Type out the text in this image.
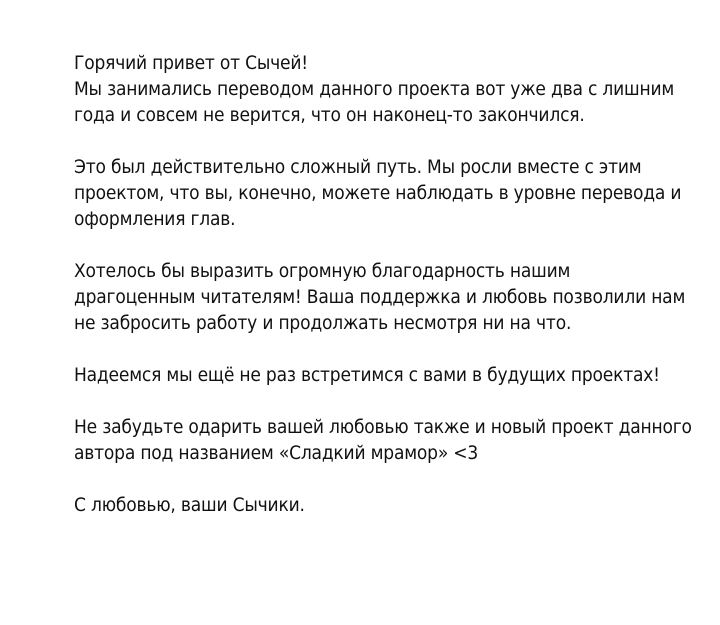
Горячий привет от Сычей!
Мы занимались переводом данного проекта вот уже два с лишним
года и совсем не верится, что он наконец-то закончился.

Это был действительно сложный путь. Мы росли вместе с этим
проектом, что вы, конечно, можете наблюдать в уровне перевода и
оформления глав.

Хотелось бы выразить огромную благодарность нашим
драгоценным читателям! Ваша поддержка и любовь позволили нам
не забросить работу и продолжать несмотря ни на что.

Надеемся мы ещё не раз встретимся с вами в будущих проектах!

Не забудьте одарить вашей любовью также и новый проект данного
автора под названием «Сладкий мрамор» <3

С любовью, ваши Сычики.
